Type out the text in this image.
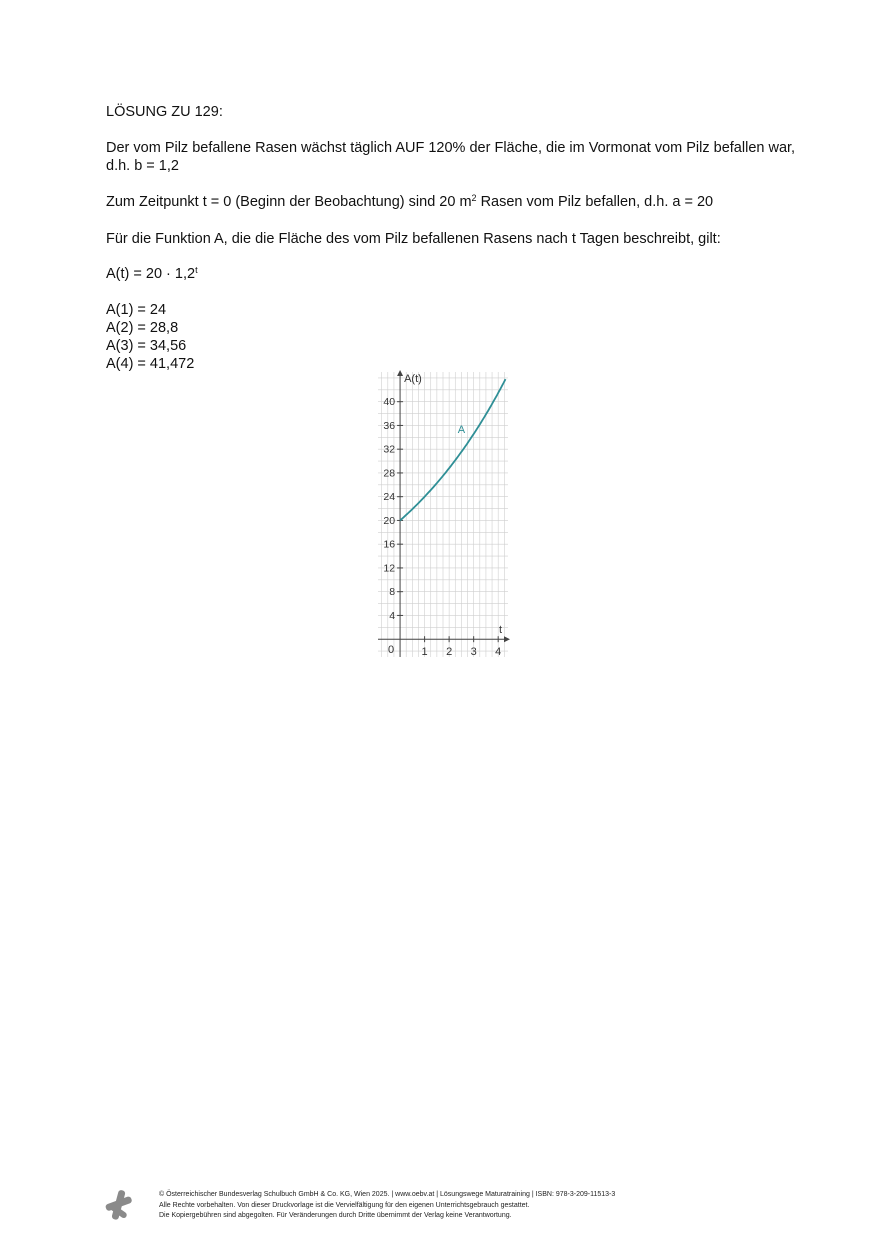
LÖSUNG ZU 129:
Der vom Pilz befallene Rasen wächst täglich AUF 120% der Fläche, die im Vormonat vom Pilz befallen war, d.h. b = 1,2
Zum Zeitpunkt t = 0 (Beginn der Beobachtung) sind 20 $m^2$ Rasen vom Pilz befallen, d.h. a = 20
Für die Funktion A, die die Fläche des vom Pilz befallenen Rasens nach t Tagen beschreibt, gilt:
$A(t) = 20 \cdot 1,2^t$
A(1) = 24
A(2) = 28,8
A(3) = 34,56
A(4) = 41,472
4
8
12
16
20
24
28
32
36
40
1 2 3 4
0
t
A(t)
A
© Österreichischer Bundesverlag Schulbuch GmbH & Co. KG, Wien 2025. | www.oebv.at | Lösungswege Maturatraining | ISBN: 978-3-209-11513-3
Alle Rechte vorbehalten. Von dieser Druckvorlage ist die Vervielfältigung für den eigenen Unterrichtsgebrauch gestattet.
Die Kopiergebühren sind abgegolten. Für Veränderungen durch Dritte übernimmt der Verlag keine Verantwortung.
